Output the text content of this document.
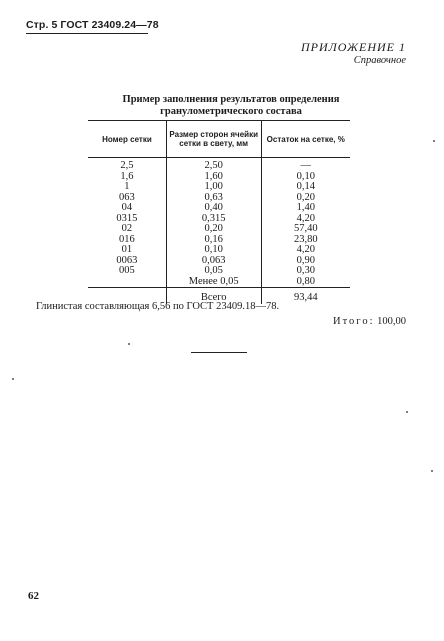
Стр. 5 ГОСТ 23409.24—78
ПРИЛОЖЕНИЕ 1
Справочное
Пример заполнения результатов определения
гранулометрического состава
Номер сетки	Размер сторон ячейки сетки в свету, мм	Остаток на сетке, %
2,5	2,50	—
1,6	1,60	0,10
1	1,00	0,14
063	0,63	0,20
04	0,40	1,40
0315	0,315	4,20
02	0,20	57,40
016	0,16	23,80
01	0,10	4,20
0063	0,063	0,90
005	0,05	0,30
	Менее 0,05	0,80
	Всего	93,44
Глинистая составляющая 6,56 по ГОСТ 23409.18—78.
Итого: 100,00
62
